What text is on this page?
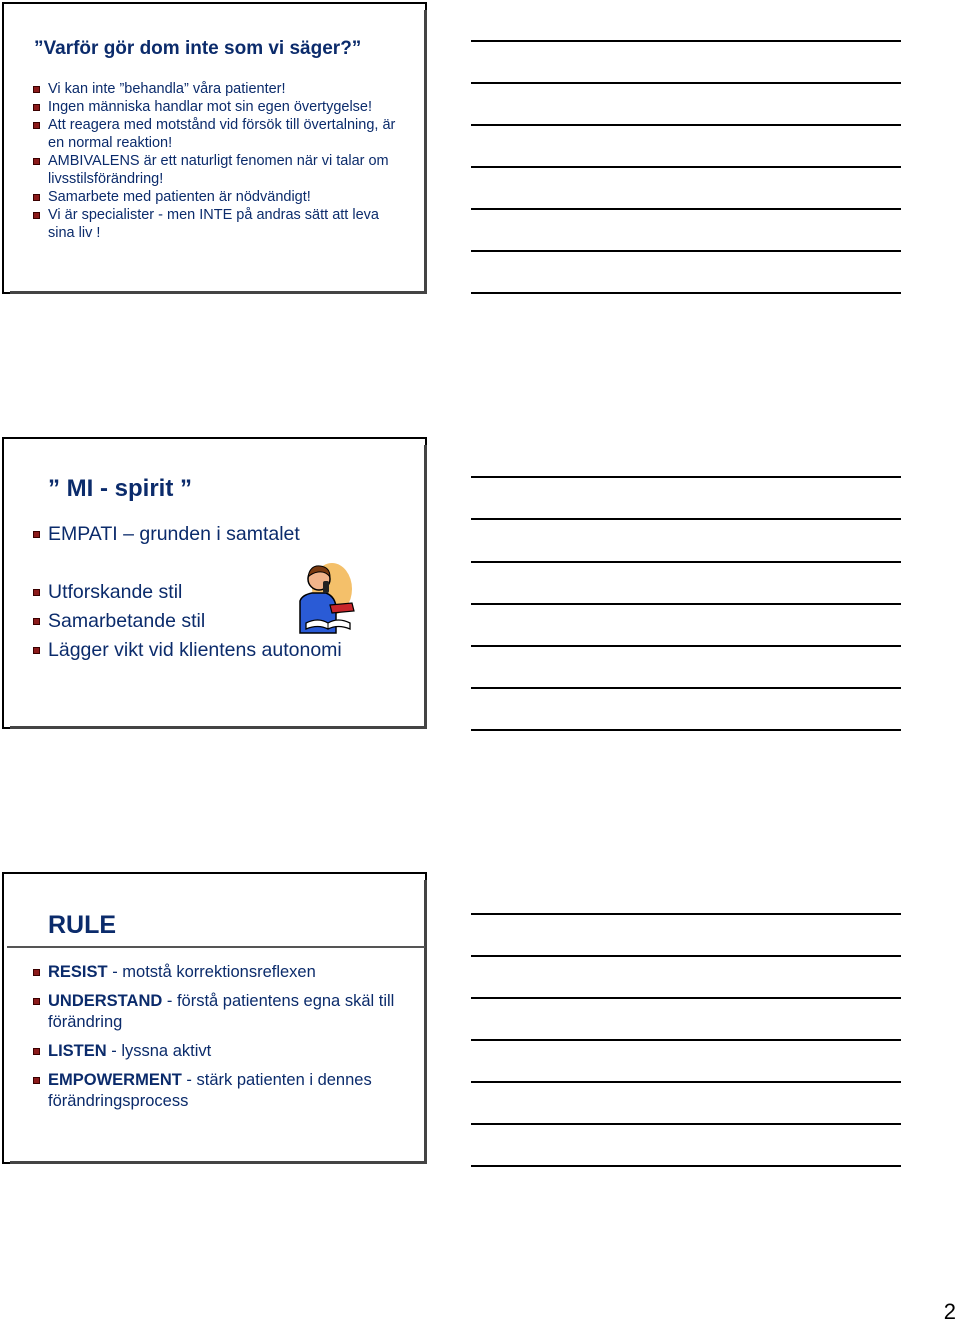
”Varför gör dom inte som vi säger?”
Vi kan inte ”behandla” våra patienter!
Ingen människa handlar mot sin egen övertygelse!
Att reagera med motstånd vid försök till övertalning, är en normal reaktion!
AMBIVALENS är ett naturligt fenomen när vi talar om livsstilsförändring!
Samarbete med patienten är nödvändigt!
Vi är specialister - men INTE på andras sätt att leva sina liv !
” MI - spirit ”
EMPATI – grunden i samtalet
Utforskande stil
Samarbetande stil
Lägger vikt vid klientens autonomi
RULE
RESIST - motstå korrektionsreflexen
UNDERSTAND - förstå patientens egna skäl till förändring
LISTEN - lyssna aktivt
EMPOWERMENT - stärk patienten i dennes förändringsprocess
2
